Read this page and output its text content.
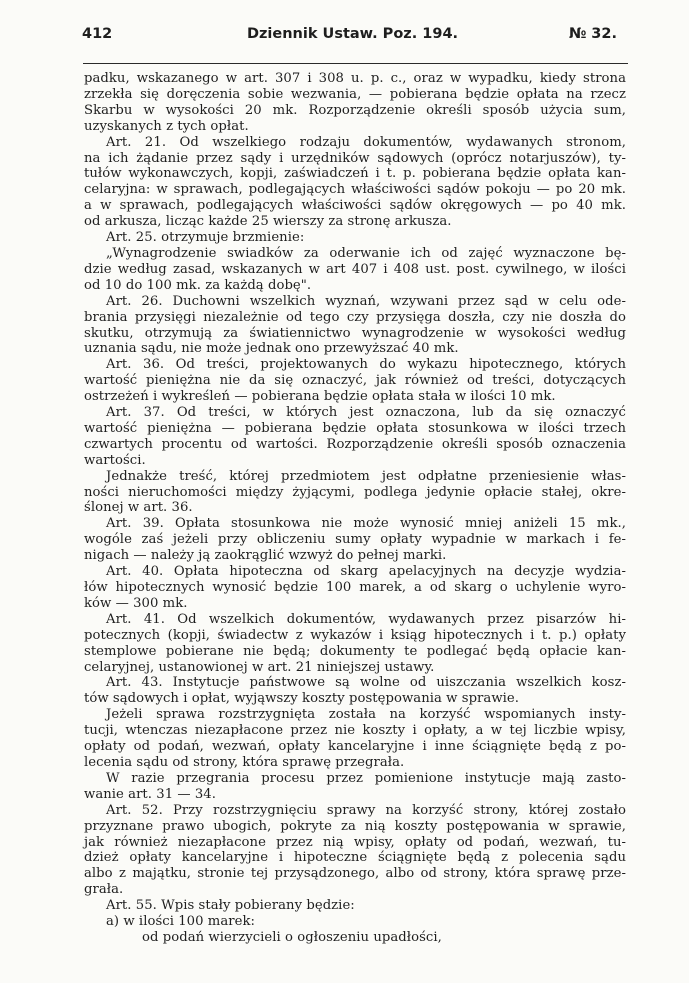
412	Dziennik Ustaw. Poz. 194.	№ 32.

padku, wskazanego w art. 307 i 308 u. p. c., oraz w wypadku, kiedy strona

zrzekła się doręczenia sobie wezwania, — pobierana będzie opłata na rzecz

Skarbu w wysokości 20 mk. Rozporządzenie określi sposób użycia sum,

uzyskanych z tych opłat.

Art. 21. Od wszelkiego rodzaju dokumentów, wydawanych stronom,

na ich żądanie przez sądy i urzędników sądowych (oprócz notarjuszów), ty-

tułów wykonawczych, kopji, zaświadczeń i t. p. pobierana będzie opłata kan-

celaryjna: w sprawach, podlegających właściwości sądów pokoju — po 20 mk.

a w sprawach, podlegających właściwości sądów okręgowych — po 40 mk.

od arkusza, licząc każde 25 wierszy za stronę arkusza.

Art. 25. otrzymuje brzmienie:

„Wynagrodzenie swiadków za oderwanie ich od zajęć wyznaczone bę-

dzie według zasad, wskazanych w art 407 i 408 ust. post. cywilnego, w ilości

od 10 do 100 mk. za każdą dobę".

Art. 26. Duchowni wszelkich wyznań, wzywani przez sąd w celu ode-

brania przysięgi niezależnie od tego czy przysięga doszła, czy nie doszła do

skutku, otrzymują za światiennictwo wynagrodzenie w wysokości według

uznania sądu, nie może jednak ono przewyższać 40 mk.

Art. 36. Od treści, projektowanych do wykazu hipotecznego, których

wartość pieniężna nie da się oznaczyć, jak również od treści, dotyczących

ostrzeżeń i wykreśleń — pobierana będzie opłata stała w ilości 10 mk.

Art. 37. Od treści, w których jest oznaczona, lub da się oznaczyć

wartość pieniężna — pobierana będzie opłata stosunkowa w ilości trzech

czwartych procentu od wartości. Rozporządzenie określi sposób oznaczenia

wartości.

Jednakże treść, której przedmiotem jest odpłatne przeniesienie włas-

ności nieruchomości między żyjącymi, podlega jedynie opłacie stałej, okre-

ślonej w art. 36.

Art. 39. Opłata stosunkowa nie może wynosić mniej aniżeli 15 mk.,

wogóle zaś jeżeli przy obliczeniu sumy opłaty wypadnie w markach i fe-

nigach — należy ją zaokrąglić wzwyż do pełnej marki.

Art. 40. Opłata hipoteczna od skarg apelacyjnych na decyzje wydzia-

łów hipotecznych wynosić będzie 100 marek, a od skarg o uchylenie wyro-

ków — 300 mk.

Art. 41. Od wszelkich dokumentów, wydawanych przez pisarzów hi-

potecznych (kopji, świadectw z wykazów i ksiąg hipotecznych i t. p.) opłaty

stemplowe pobierane nie będą; dokumenty te podlegać będą opłacie kan-

celaryjnej, ustanowionej w art. 21 niniejszej ustawy.

Art. 43. Instytucje państwowe są wolne od uiszczania wszelkich kosz-

tów sądowych i opłat, wyjąwszy koszty postępowania w sprawie.

Jeżeli sprawa rozstrzygnięta została na korzyść wspomianych insty-

tucji, wtenczas niezapłacone przez nie koszty i opłaty, a w tej liczbie wpisy,

opłaty od podań, wezwań, opłaty kancelaryjne i inne ściągnięte będą z po-

lecenia sądu od strony, która sprawę przegrała.

W razie przegrania procesu przez pomienione instytucje mają zasto-

wanie art. 31 — 34.

Art. 52. Przy rozstrzygnięciu sprawy na korzyść strony, której zostało

przyznane prawo ubogich, pokryte za nią koszty postępowania w sprawie,

jak również niezapłacone przez nią wpisy, opłaty od podań, wezwań, tu-

dzież opłaty kancelaryjne i hipoteczne ściągnięte będą z polecenia sądu

albo z majątku, stronie tej przysądzonego, albo od strony, która sprawę prze-

grała.

Art. 55. Wpis stały pobierany będzie:

a) w ilości 100 marek:

od podań wierzycieli o ogłoszeniu upadłości,
